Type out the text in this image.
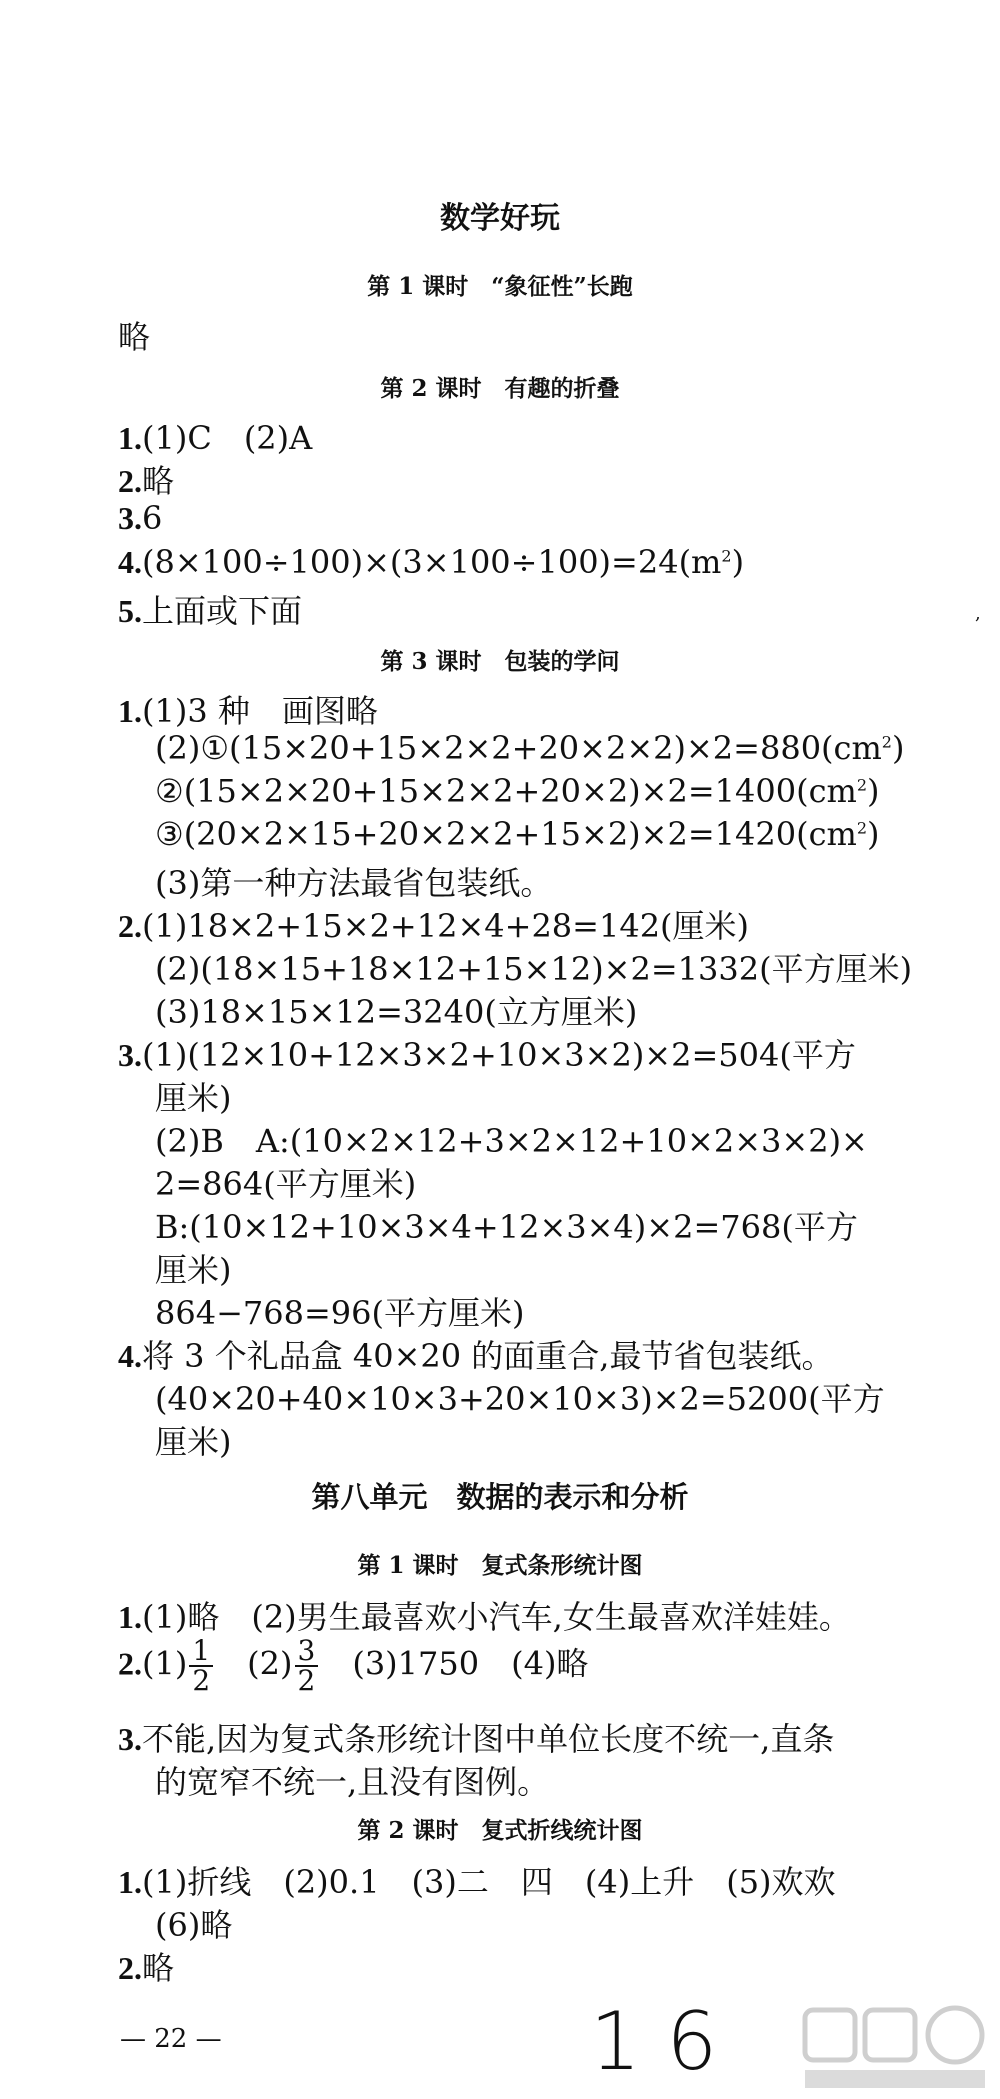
数学好玩
第 1 课时　“象征性”长跑
略
第 2 课时　有趣的折叠
1.(1)C　(2)A
2.略
3.6
$4.(8\times 100\div 100)\times(3\times 100\div 100)=24(m^2)$
5.上面或下面	,
第 3 课时　包装的学问
1.(1)3 种　画图略
$(2)①(15\times 20+15\times 2\times 2+20\times 2\times 2)\times 2=880(cm^2)$
$②(15\times 2\times 20+15\times 2\times 2+20\times 2)\times 2=1400(cm^2)$
$③(20\times 2\times 15+20\times 2\times 2+15\times 2)\times 2=1420(cm^2)$
(3)第一种方法最省包装纸。
2.(1)18×2+15×2+12×4+28=142(厘米)
(2)(18×15+18×12+15×12)×2=1332(平方厘米)
(3)18×15×12=3240(立方厘米)
3.(1)(12×10+12×3×2+10×3×2)×2=504(平方
厘米)
(2)B　A:(10×2×12+3×2×12+10×2×3×2)×
2=864(平方厘米)
B:(10×12+10×3×4+12×3×4)×2=768(平方
厘米)
864−768=96(平方厘米)
4.将 3 个礼品盒 40×20 的面重合,最节省包装纸。
(40×20+40×10×3+20×10×3)×2=5200(平方
厘米)
第八单元　数据的表示和分析
第 1 课时　复式条形统计图
1.(1)略　(2)男生最喜欢小汽车,女生最喜欢洋娃娃。
$2.(1) \frac{1}{2}$ 　$(2) \frac{3}{2}$ 　(3)1750　(4)略
3.不能,因为复式条形统计图中单位长度不统一,直条
的宽窄不统一,且没有图例。
第 2 课时　复式折线统计图
1.(1)折线　(2)0.1　(3)二　四　(4)上升　(5)欢欢
(6)略
2.略
— 22 —	1 6
